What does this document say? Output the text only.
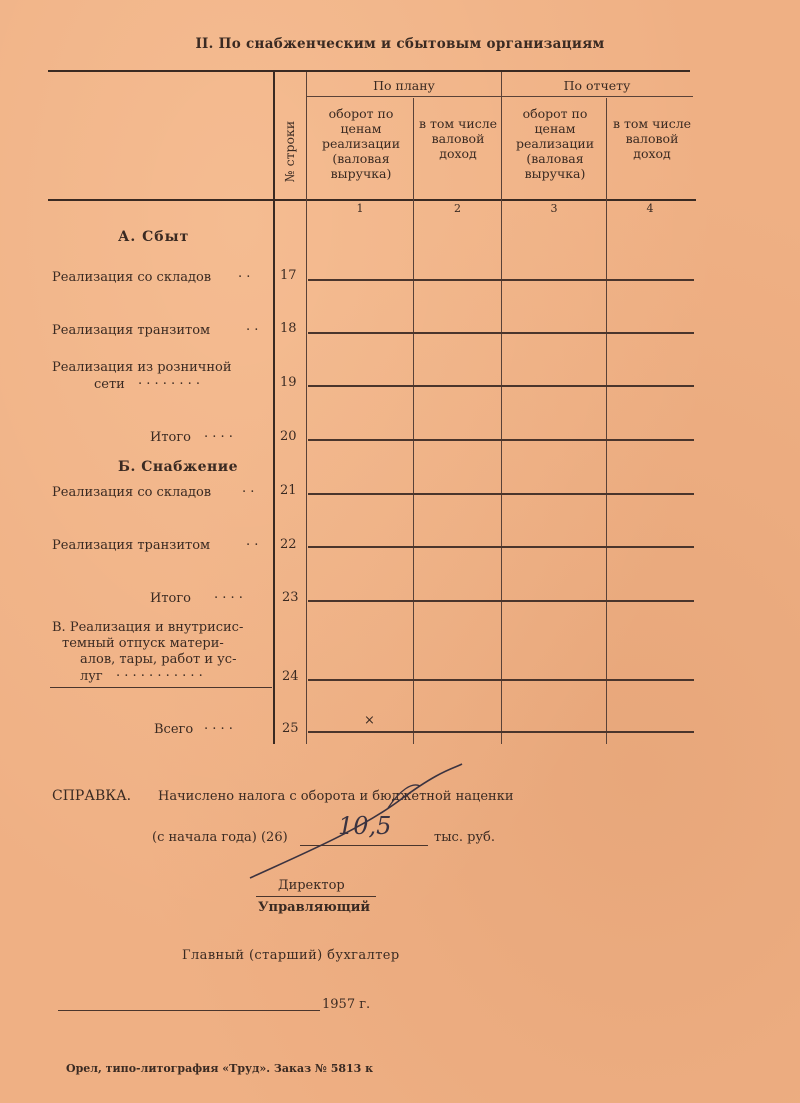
II. По снабженческим и сбытовым организациям
По плану	По отчету
№ строки
оборот по ценам реализации (валовая выручка)
в том числе валовой доход
оборот по ценам реализации (валовая выручка)
в том числе валовой доход
1	2	3	4
А. Сбыт
Реализация со складов . . 17
Реализация транзитом	. . 18
Реализация из розничной
сети . . . . . . . .	19
Итого . . . .	20
Б. Снабжение
Реализация со складов . . 21
Реализация транзитом	. . 22
Итого . . . .	23
В. Реализация и внутрисис-
темный отпуск матери-
алов, тары, работ и ус-
луг . . . . . . . . . . .	24
Всего . . . .	25
×
СПРАВКА. Начислено налога с оборота и бюджетной наценки
(с начала года) (26) 10,5	тыс. руб.
Директор
Управляющий
Главный (старший) бухгалтер
1957 г.
Орел, типо-литография «Труд». Заказ № 5813 к
